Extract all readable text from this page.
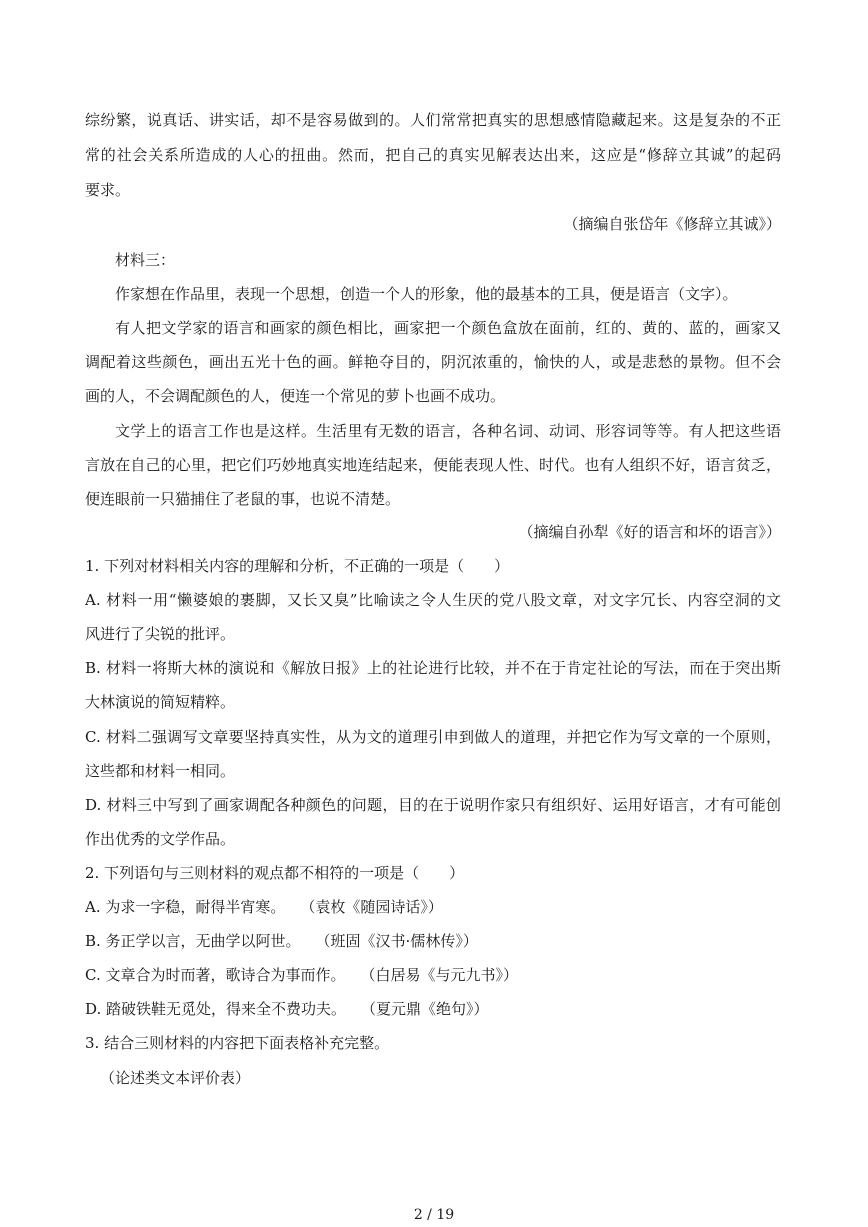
综纷繁，说真话、讲实话，却不是容易做到的。人们常常把真实的思想感情隐藏起来。这是复杂的不正
常的社会关系所造成的人心的扭曲。然而，把自己的真实见解表达出来，这应是“修辞立其诚”的起码
要求。
（摘编自张岱年《修辞立其诚》）
材料三：
作家想在作品里，表现一个思想，创造一个人的形象，他的最基本的工具，便是语言（文字）。
有人把文学家的语言和画家的颜色相比，画家把一个颜色盒放在面前，红的、黄的、蓝的，画家又
调配着这些颜色，画出五光十色的画。鲜艳夺目的，阴沉浓重的，愉快的人，或是悲愁的景物。但不会
画的人，不会调配颜色的人，便连一个常见的萝卜也画不成功。
文学上的语言工作也是这样。生活里有无数的语言，各种名词、动词、形容词等等。有人把这些语
言放在自己的心里，把它们巧妙地真实地连结起来，便能表现人性、时代。也有人组织不好，语言贫乏，
便连眼前一只猫捕住了老鼠的事，也说不清楚。
（摘编自孙犁《好的语言和坏的语言》）
1. 下列对材料相关内容的理解和分析，不正确的一项是（　　）
A. 材料一用“懒婆娘的裹脚，又长又臭”比喻读之令人生厌的党八股文章，对文字冗长、内容空洞的文
风进行了尖锐的批评。
B. 材料一将斯大林的演说和《解放日报》上的社论进行比较，并不在于肯定社论的写法，而在于突出斯
大林演说的简短精粹。
C. 材料二强调写文章要坚持真实性，从为文的道理引申到做人的道理，并把它作为写文章的一个原则，
这些都和材料一相同。
D. 材料三中写到了画家调配各种颜色的问题，目的在于说明作家只有组织好、运用好语言，才有可能创
作出优秀的文学作品。
2. 下列语句与三则材料的观点都不相符的一项是（　　）
A. 为求一字稳，耐得半宵寒。　　（袁枚《随园诗话》）
B. 务正学以言，无曲学以阿世。　　（班固《汉书·儒林传》）
C. 文章合为时而著，歌诗合为事而作。　　（白居易《与元九书》）
D. 踏破铁鞋无觅处，得来全不费功夫。　　（夏元鼎《绝句》）
3. 结合三则材料的内容把下面表格补充完整。
（论述类文本评价表）
2 / 19
